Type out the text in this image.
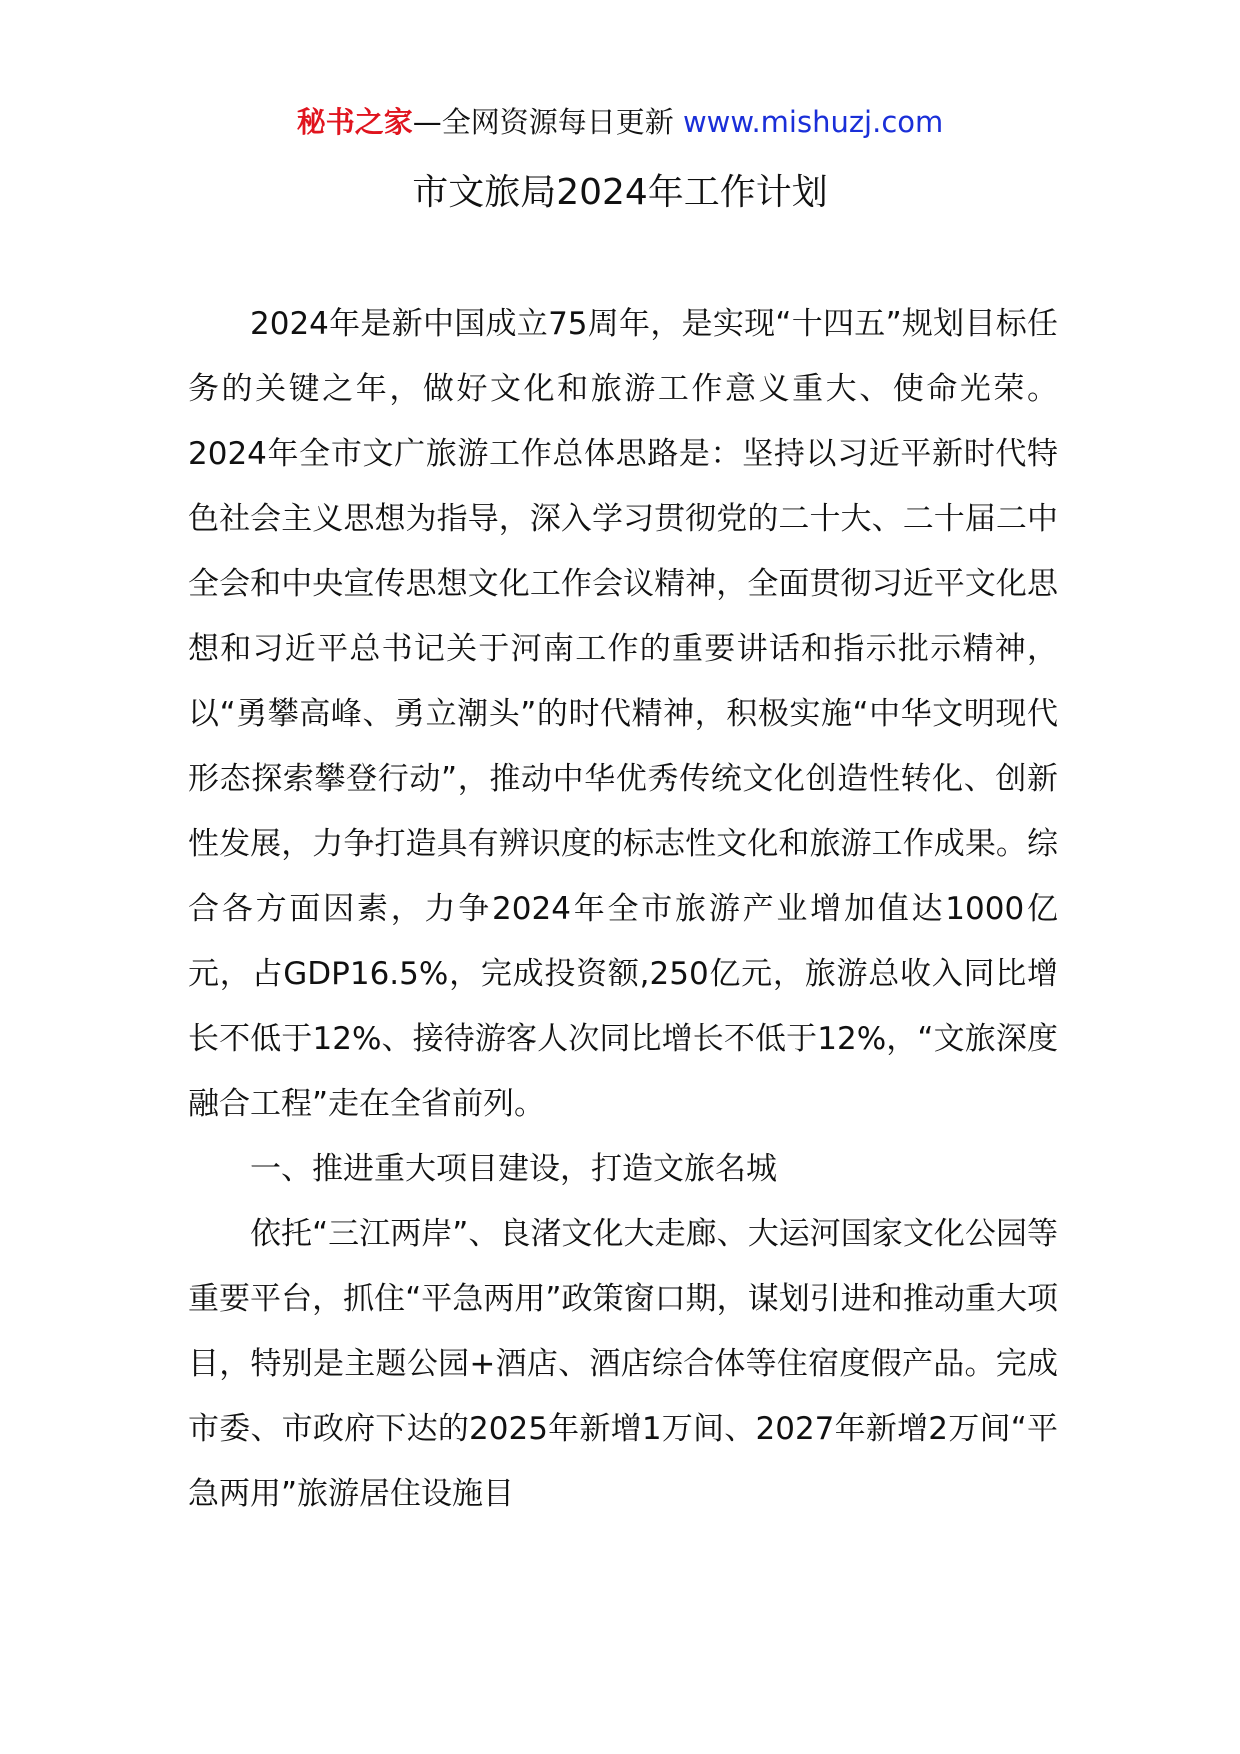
秘书之家—全网资源每日更新 www.mishuzj.com
市文旅局2024年工作计划

2024年是新中国成立75周年，是实现“十四五”规划目标任务的关键之年，做好文化和旅游工作意义重大、使命光荣。2024年全市文广旅游工作总体思路是：坚持以习近平新时代特色社会主义思想为指导，深入学习贯彻党的二十大、二十届二中全会和中央宣传思想文化工作会议精神，全面贯彻习近平文化思想和习近平总书记关于河南工作的重要讲话和指示批示精神，以“勇攀高峰、勇立潮头”的时代精神，积极实施“中华文明现代形态探索攀登行动”，推动中华优秀传统文化创造性转化、创新性发展，力争打造具有辨识度的标志性文化和旅游工作成果。综合各方面因素，力争2024年全市旅游产业增加值达1000亿元，占GDP16.5%，完成投资额,250亿元，旅游总收入同比增长不低于12%、接待游客人次同比增长不低于12%，“文旅深度融合工程”走在全省前列。

一、推进重大项目建设，打造文旅名城

依托“三江两岸”、良渚文化大走廊、大运河国家文化公园等重要平台，抓住“平急两用”政策窗口期，谋划引进和推动重大项目，特别是主题公园+酒店、酒店综合体等住宿度假产品。完成市委、市政府下达的2025年新增1万间、2027年新增2万间“平急两用”旅游居住设施目
